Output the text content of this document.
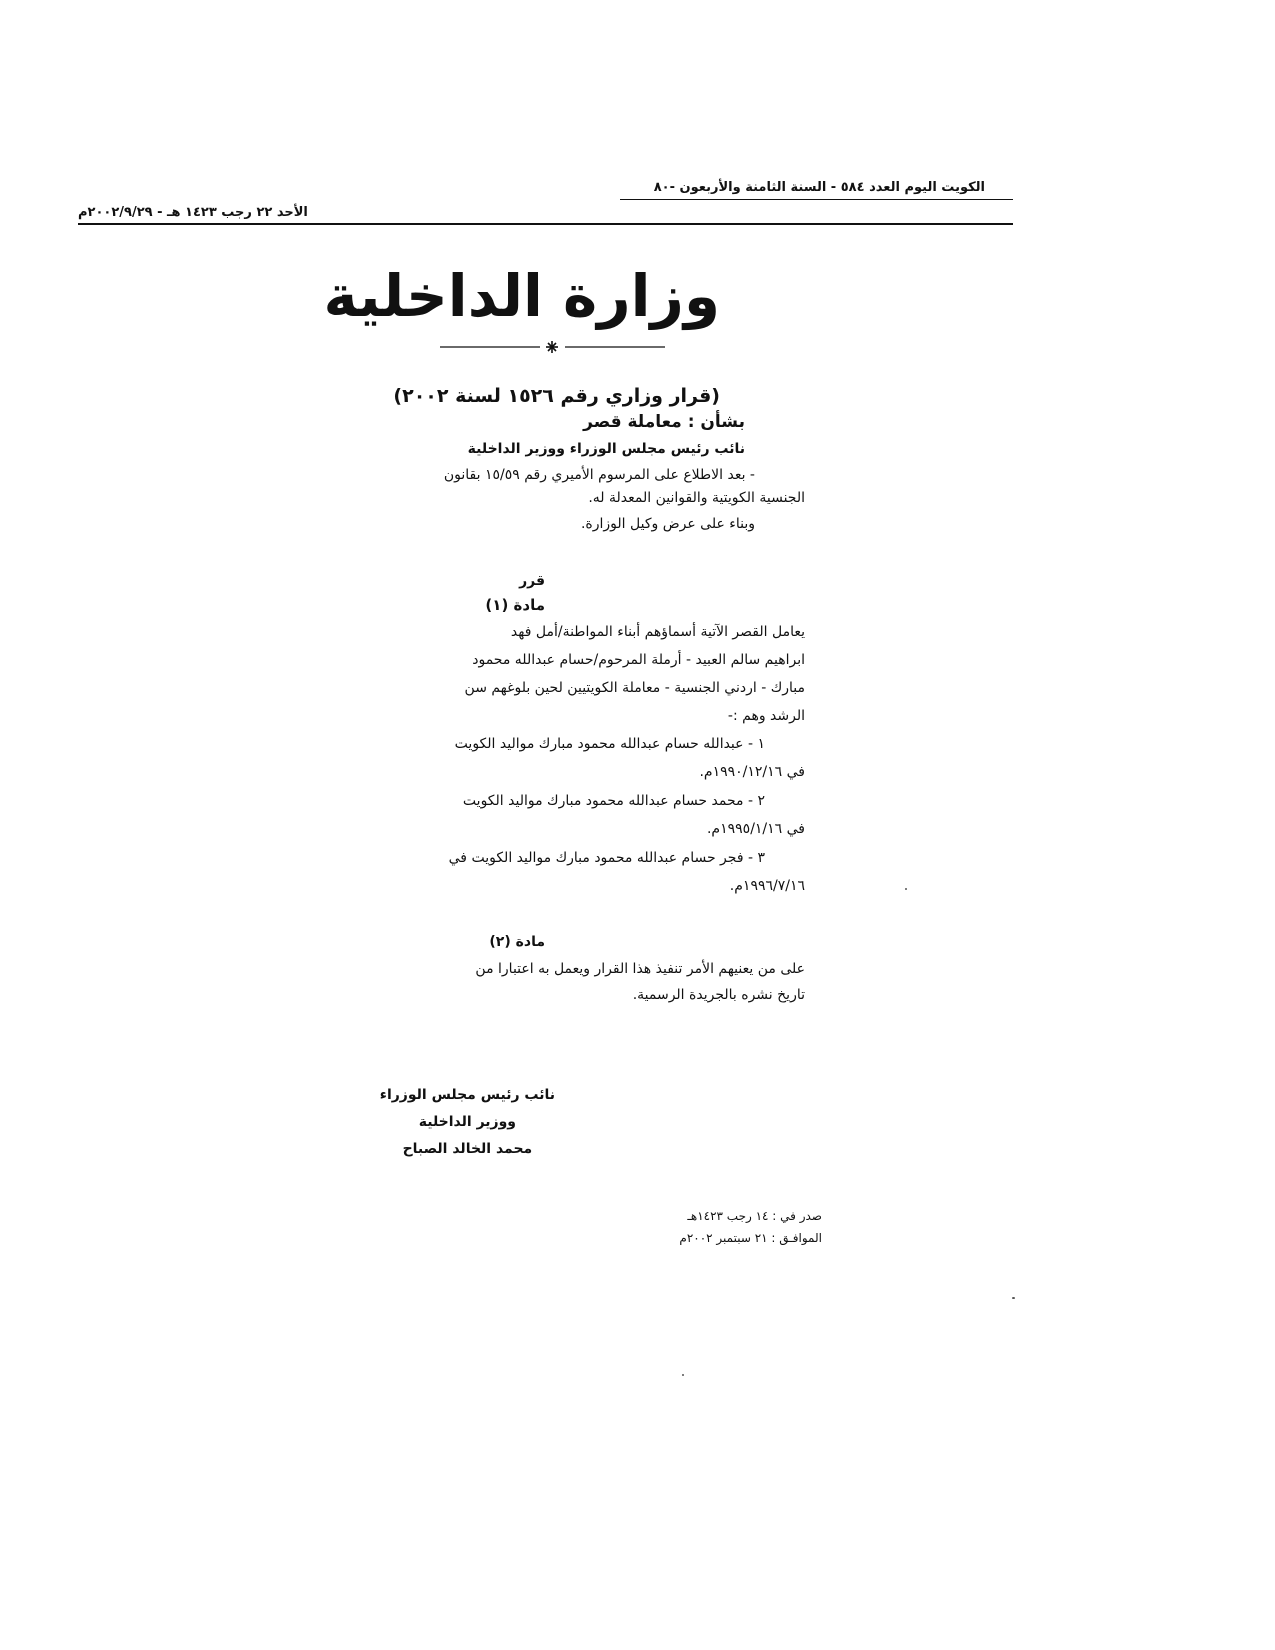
الكويت اليوم العدد ٥٨٤ - السنة الثامنة والأربعون -٨٠
الأحد ٢٢ رجب ١٤٢٣ هـ - ٢٠٠٢/٩/٢٩م
وزارة الداخلية
(قرار وزاري رقم ١٥٢٦ لسنة ٢٠٠٢)
بشأن : معاملة قصر
نائب رئيس مجلس الوزراء ووزير الداخلية
- بعد الاطلاع على المرسوم الأميري رقم ١٥/٥٩ بقانون
الجنسية الكويتية والقوانين المعدلة له.
وبناء على عرض وكيل الوزارة.
قرر
مادة (١)
يعامل القصر الآتية أسماؤهم أبناء المواطنة/أمل فهد
ابراهيم سالم العبيد - أرملة المرحوم/حسام عبدالله محمود
مبارك - اردني الجنسية - معاملة الكويتيين لحين بلوغهم سن
الرشد وهم :-
١ - عبدالله حسام عبدالله محمود مبارك مواليد الكويت
في ١٩٩٠/١٢/١٦م.
٢ - محمد حسام عبدالله محمود مبارك مواليد الكويت
في ١٩٩٥/١/١٦م.
٣ - فجر حسام عبدالله محمود مبارك مواليد الكويت في
١٩٩٦/٧/١٦م.
مادة (٢)
على من يعنيهم الأمر تنفيذ هذا القرار ويعمل به اعتبارا من
تاريخ نشره بالجريدة الرسمية.
نائب رئيس مجلس الوزراء
ووزير الداخلية
محمد الخالد الصباح
صدر في : ١٤ رجب ١٤٢٣هـ
الموافـق : ٢١ سبتمبر ٢٠٠٢م
